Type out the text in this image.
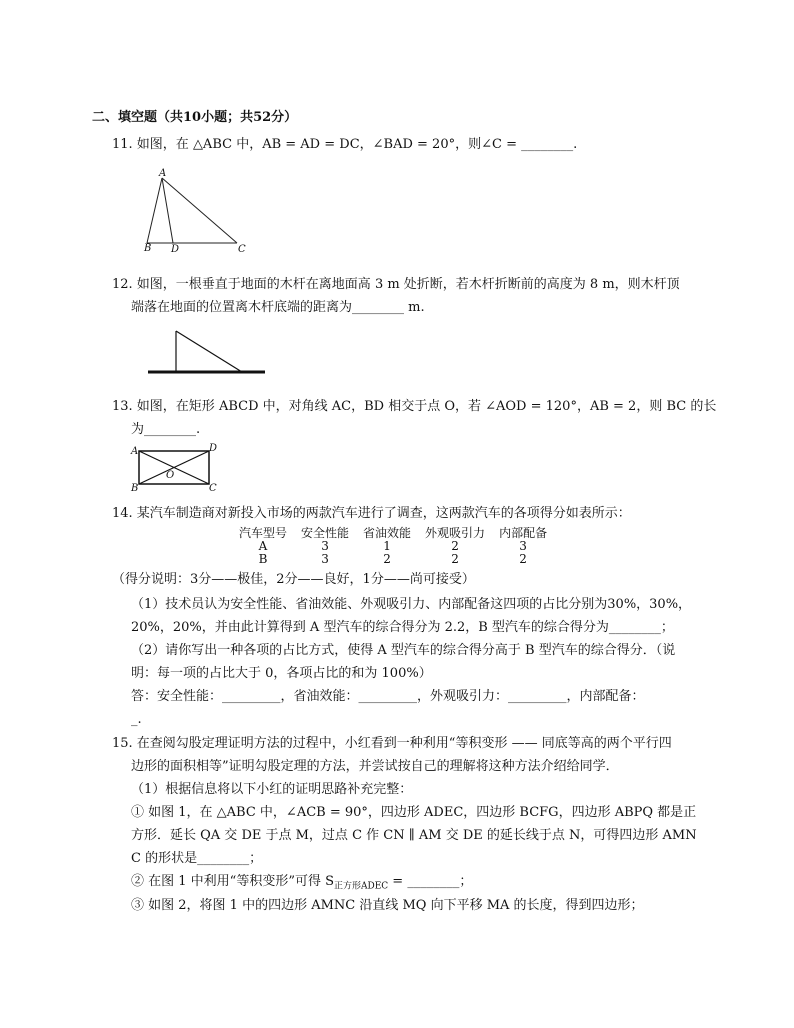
二、填空题（共10小题；共52分）
11. 如图，在 △ABC 中，AB = AD = DC，∠BAD = 20°，则∠C = ________.
A
B D	C
12. 如图，一根垂直于地面的木杆在离地面高 3 m 处折断，若木杆折断前的高度为 8 m，则木杆顶
端落在地面的位置离木杆底端的距离为________ m.
13. 如图，在矩形 ABCD 中，对角线 AC，BD 相交于点 O，若 ∠AOD = 120°，AB = 2，则 BC 的长
为________.
A	D
O
B	C
14. 某汽车制造商对新投入市场的两款汽车进行了调查，这两款汽车的各项得分如表所示：
汽车型号	安全性能	省油效能	外观吸引力	内部配备
A	3	1	2	3
B	3	2	2	2
（得分说明：3分——极佳，2分——良好，1分——尚可接受）
（1）技术员认为安全性能、省油效能、外观吸引力、内部配备这四项的占比分别为30%，30%，
20%，20%，并由此计算得到 A 型汽车的综合得分为 2.2，B 型汽车的综合得分为________；
（2）请你写出一种各项的占比方式，使得 A 型汽车的综合得分高于 B 型汽车的综合得分．（说
明：每一项的占比大于 0，各项占比的和为 100%）
答：安全性能：_________，省油效能：_________，外观吸引力：_________，内部配备：
_.
15. 在查阅勾股定理证明方法的过程中，小红看到一种利用“等积变形 —— 同底等高的两个平行四
边形的面积相等”证明勾股定理的方法，并尝试按自己的理解将这种方法介绍给同学．
（1）根据信息将以下小红的证明思路补充完整：
① 如图 1，在 △ABC 中，∠ACB = 90°，四边形 ADEC，四边形 BCFG，四边形 ABPQ 都是正
方形．延长 QA 交 DE 于点 M，过点 C 作 CN ∥ AM 交 DE 的延长线于点 N，可得四边形 AMN
C 的形状是________；
② 在图 1 中利用“等积变形”可得 $S_{正方形ADEC}$ = ________；
③ 如图 2，将图 1 中的四边形 AMNC 沿直线 MQ 向下平移 MA 的长度，得到四边形；
